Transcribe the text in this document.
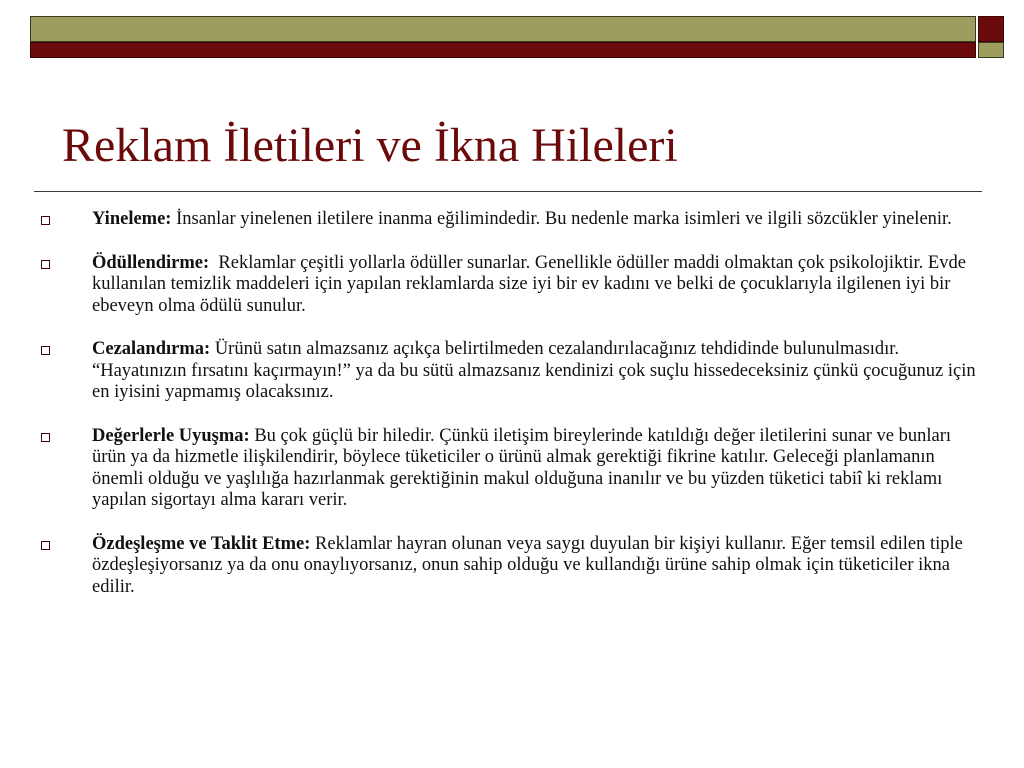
Reklam İletileri ve İkna Hileleri
Yineleme: İnsanlar yinelenen iletilere inanma eğilimindedir. Bu nedenle marka isimleri ve ilgili sözcükler yinelenir.
Ödüllendirme:  Reklamlar çeşitli yollarla ödüller sunarlar. Genellikle ödüller maddi olmaktan çok psikolojiktir. Evde kullanılan temizlik maddeleri için yapılan reklamlarda size iyi bir ev kadını ve belki de çocuklarıyla ilgilenen iyi bir ebeveyn olma ödülü sunulur.
Cezalandırma: Ürünü satın almazsanız açıkça belirtilmeden cezalandırılacağınız tehdidinde bulunulmasıdır. “Hayatınızın fırsatını kaçırmayın!” ya da bu sütü almazsanız kendinizi çok suçlu hissedeceksiniz çünkü çocuğunuz için en iyisini yapmamış olacaksınız.
Değerlerle Uyuşma: Bu çok güçlü bir hiledir. Çünkü iletişim bireylerinde katıldığı değer iletilerini sunar ve bunları ürün ya da hizmetle ilişkilendirir, böylece tüketiciler o ürünü almak gerektiği fikrine katılır. Geleceği planlamanın önemli olduğu ve yaşlılığa hazırlanmak gerektiğinin makul olduğuna inanılır ve bu yüzden tüketici tabiî ki reklamı yapılan sigortayı alma kararı verir.
Özdeşleşme ve Taklit Etme: Reklamlar hayran olunan veya saygı duyulan bir kişiyi kullanır. Eğer temsil edilen tiple özdeşleşiyorsanız ya da onu onaylıyorsanız, onun sahip olduğu ve kullandığı ürüne sahip olmak için tüketiciler ikna edilir.
